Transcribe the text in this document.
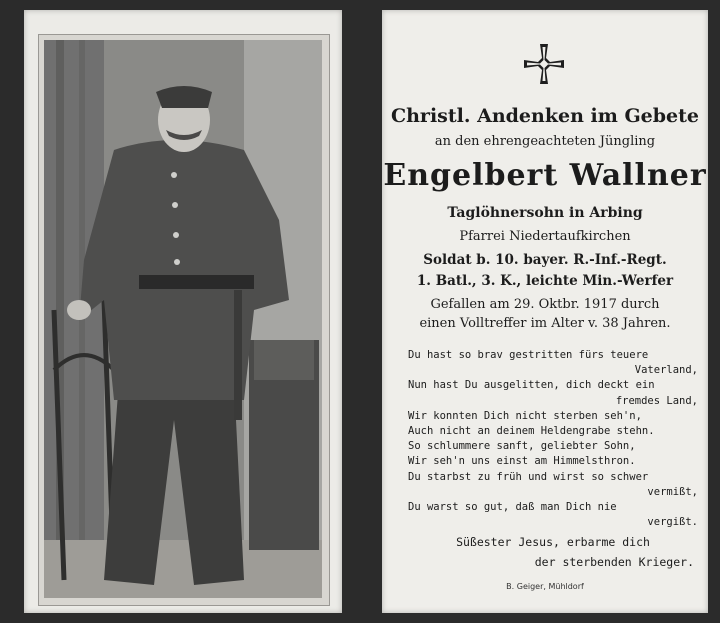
Christl. Andenken im Gebete
an den ehrengeachteten Jüngling
Engelbert Wallner
Taglöhnersohn in Arbing
Pfarrei Niedertaufkirchen
Soldat b. 10. bayer. R.-Inf.-Regt.
1. Batl., 3. K., leichte Min.-Werfer
Gefallen am 29. Oktbr. 1917 durch
einen Volltreffer im Alter v. 38 Jahren.
Du hast so brav gestritten fürs teuere
Vaterland,
Nun hast Du ausgelitten, dich deckt ein
fremdes Land,
Wir konnten Dich nicht sterben seh'n,
Auch nicht an deinem Heldengrabe stehn.
So schlummere sanft, geliebter Sohn,
Wir seh'n uns einst am Himmelsthron.
Du starbst zu früh und wirst so schwer
vermißt,
Du warst so gut, daß man Dich nie
vergißt.
Süßester Jesus, erbarme dich
der sterbenden Krieger.
B. Geiger, Mühldorf
